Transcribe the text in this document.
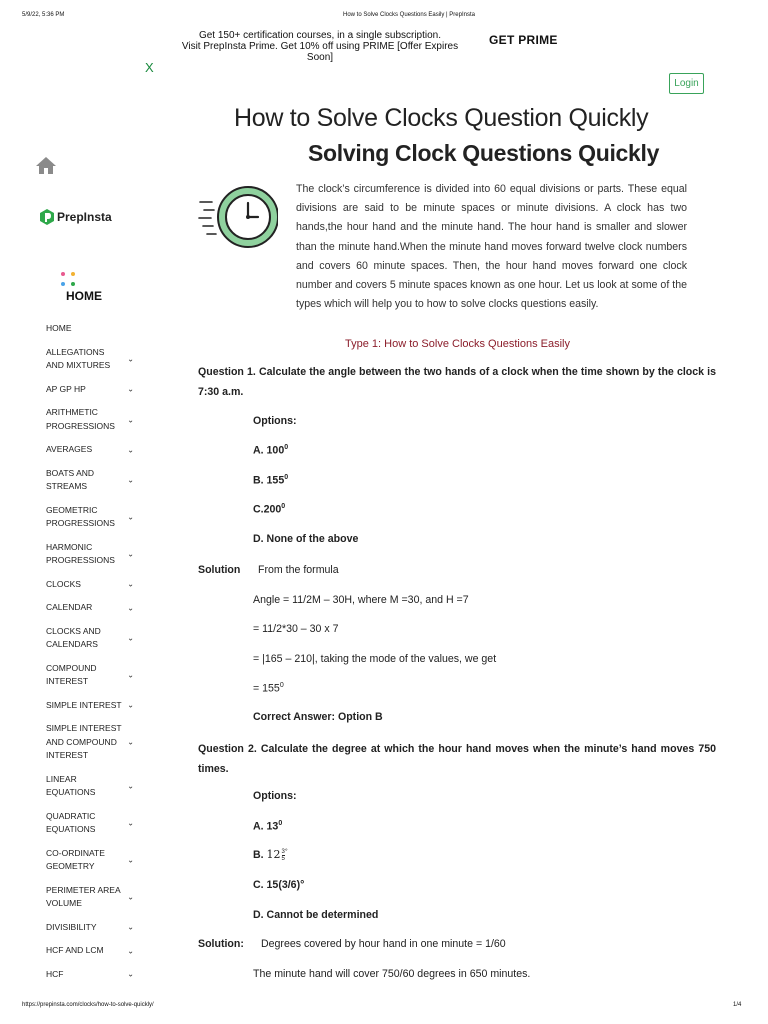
5/9/22, 5:36 PM	How to Solve Clocks Questions Easily | PrepInsta
https://prepinsta.com/clocks/how-to-solve-quickly/	1/4
Get 150+ certification courses, in a single subscription.
Visit PrepInsta Prime. Get 10% off using PRIME [Offer Expires Soon]
GET PRIME
X
Login
PrepInsta
HOME
HOME
ALLEGATIONS AND MIXTURES
⌄
AP GP HP	⌄
ARITHMETIC PROGRESSIONS
⌄
AVERAGES	⌄
BOATS AND STREAMS
⌄
GEOMETRIC PROGRESSIONS
⌄
HARMONIC PROGRESSIONS
⌄
CLOCKS	⌄
CALENDAR	⌄
CLOCKS AND CALENDARS
⌄
COMPOUND INTEREST
⌄
SIMPLE INTEREST ⌄
SIMPLE INTEREST AND COMPOUND INTEREST
⌄
LINEAR EQUATIONS
⌄
QUADRATIC EQUATIONS
⌄
CO-ORDINATE GEOMETRY
⌄
PERIMETER AREA VOLUME
⌄
DIVISIBILITY	⌄
HCF AND LCM	⌄
HCF	⌄
How to Solve Clocks Question Quickly
Solving Clock Questions Quickly
The clock’s circumference is divided into 60 equal divisions or parts. These equal divisions are said to be minute spaces or minute divisions. A clock has two hands,the hour hand and the minute hand. The hour hand is smaller and slower than the minute hand.When the minute hand moves forward twelve clock numbers and covers 60 minute spaces. Then, the hour hand moves forward one clock number and covers 5 minute spaces known as one hour. Let us look at some of the types which will help you to how to solve clocks questions easily.
Type 1: How to Solve Clocks Questions Easily
Question 1. Calculate the angle between the two hands of a clock when the time shown by the clock is 7:30 a.m.
Options:
A. $100^0$
B. $155^0$
C.200$^0$
D. None of the above
Solution From the formula
Angle = 11/2M – 30H, where M =30, and H =7
= 11/2*30 – 30 x 7
= |165 – 210|, taking the mode of the values, we get
= $155^0$
Correct Answer: Option B
Question 2. Calculate the degree at which the hour hand moves when the minute’s hand moves 750 times.
Options:
A. $13^0$
B. $12 \frac{3}{5} ^\circ$
C. 15(3/6)°
D. Cannot be determined
Solution: Degrees covered by hour hand in one minute = 1/60
The minute hand will cover 750/60 degrees in 650 minutes.
